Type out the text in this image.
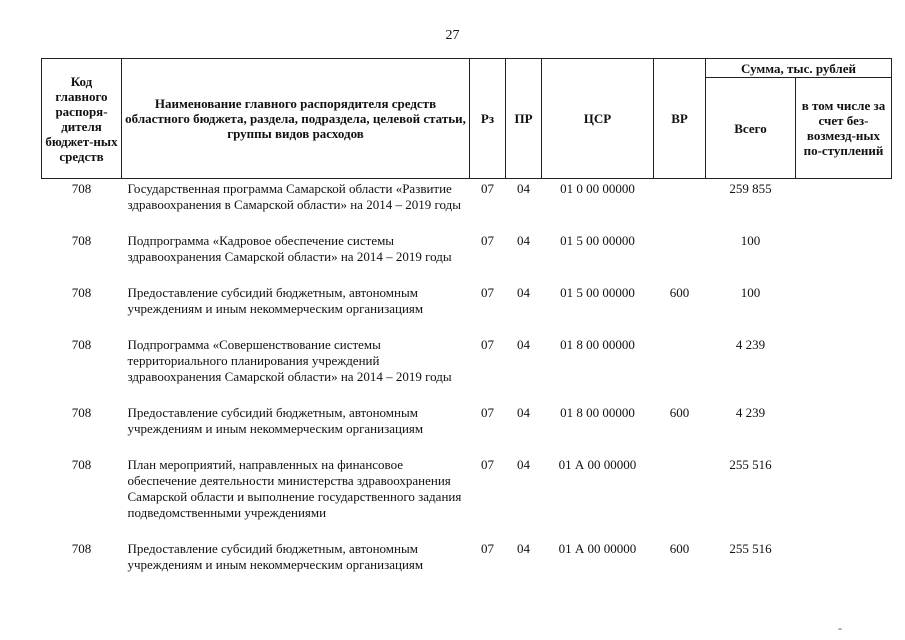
27
Код главного распоря-дителя бюджет-ных средств	Наименование главного распорядителя средств областного бюджета, раздела, подраздела, целевой статьи, группы видов расходов	Рз	ПР	ЦСР	ВР	Сумма, тыс. рублей	
						Всего	в том числе за счет без-возмезд-ных по-ступлений
708	Государственная программа Самарской области «Развитие здравоохранения в Самарской области» на 2014 – 2019 годы	07	04	01 0 00 00000		259 855	
708	Подпрограмма «Кадровое обеспечение системы здравоохранения Самарской области» на 2014 – 2019 годы	07	04	01 5 00 00000		100	
708	Предоставление субсидий бюджетным, автономным учреждениям и иным некоммерческим организациям	07	04	01 5 00 00000	600	100	
708	Подпрограмма «Совершенствование системы территориального планирования учреждений здравоохранения Самарской области» на 2014 – 2019 годы	07	04	01 8 00 00000		4 239	
708	Предоставление субсидий бюджетным, автономным учреждениям и иным некоммерческим организациям	07	04	01 8 00 00000	600	4 239	
708	План мероприятий, направленных на финансовое обеспечение деятельности министерства здравоохранения Самарской области и выполнение государственного задания подведомственными учреждениями	07	04	01 А 00 00000		255 516	
708	Предоставление субсидий бюджетным, автономным учреждениям и иным некоммерческим организациям	07	04	01 А 00 00000	600	255 516	
-
